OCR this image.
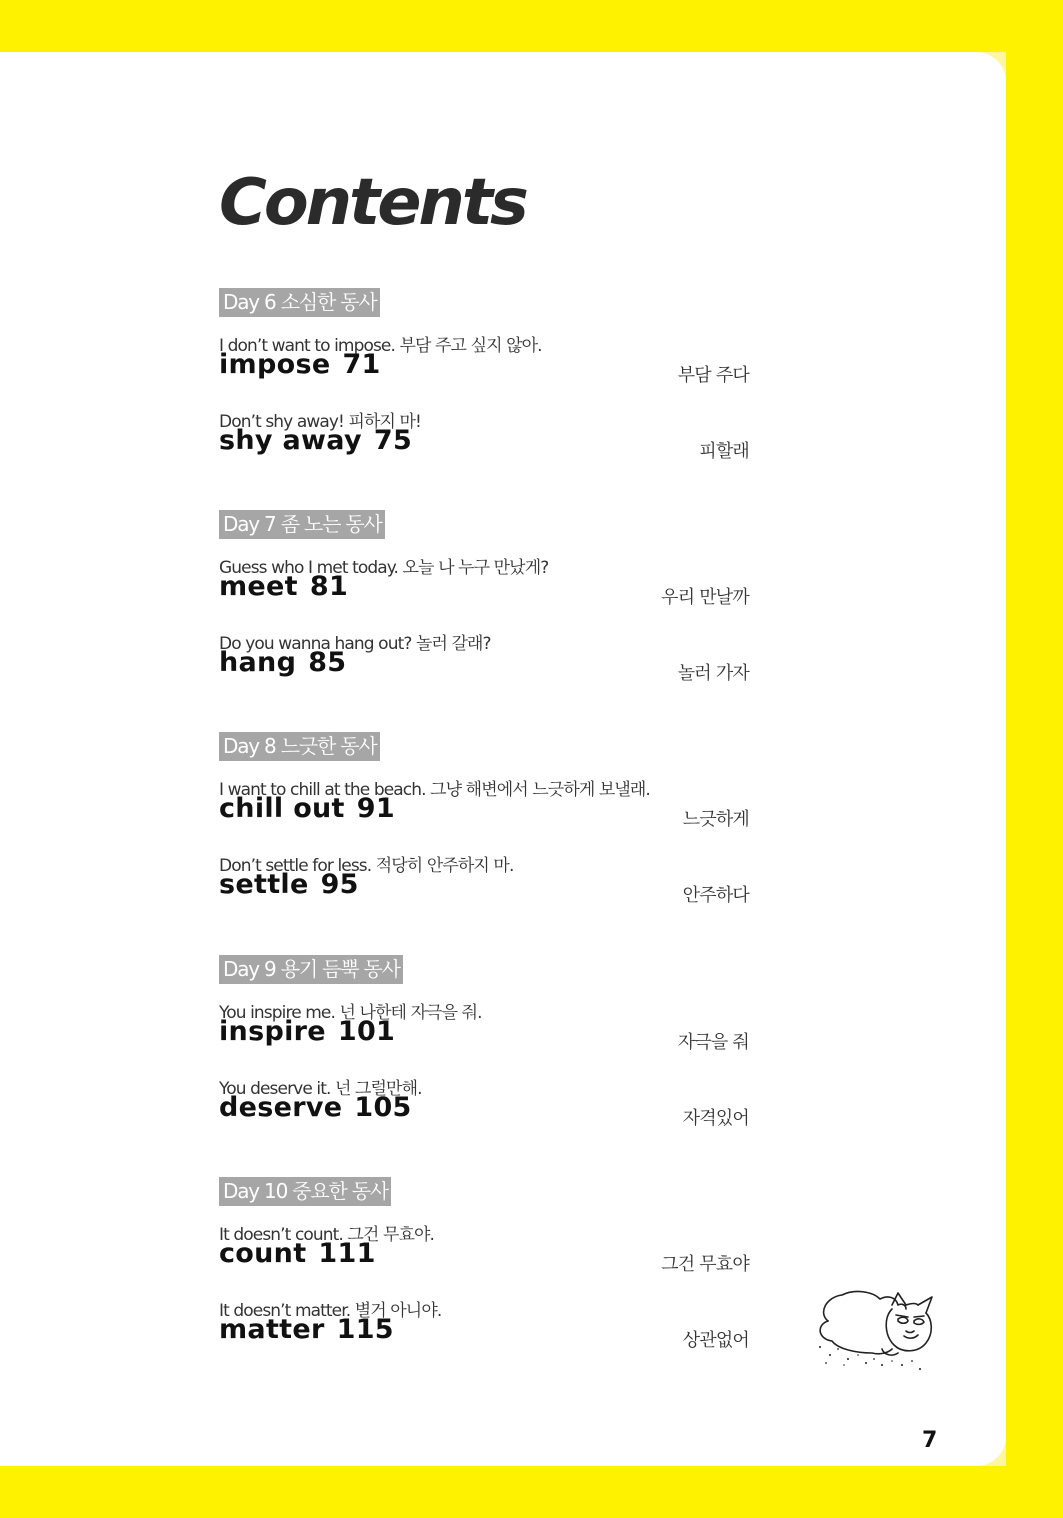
Contents
Day 6 소심한 동사
I don’t want to impose. 부담 주고 싶지 않아.
impose 71	부담 주다
Don’t shy away! 피하지 마!
shy away 75	피할래
Day 7 좀 노는 동사
Guess who I met today. 오늘 나 누구 만났게?
meet 81	우리 만날까
Do you wanna hang out? 놀러 갈래?
hang 85	놀러 가자
Day 8 느긋한 동사
I want to chill at the beach. 그냥 해변에서 느긋하게 보낼래.
chill out 91	느긋하게
Don’t settle for less. 적당히 안주하지 마.
settle 95	안주하다
Day 9 용기 듬뿍 동사
You inspire me. 넌 나한테 자극을 줘.
inspire 101	자극을 줘
You deserve it. 넌 그럴만해.
deserve 105	자격있어
Day 10 중요한 동사
It doesn’t count. 그건 무효야.
count 111	그건 무효야
It doesn’t matter. 별거 아니야.
matter 115	상관없어
7
